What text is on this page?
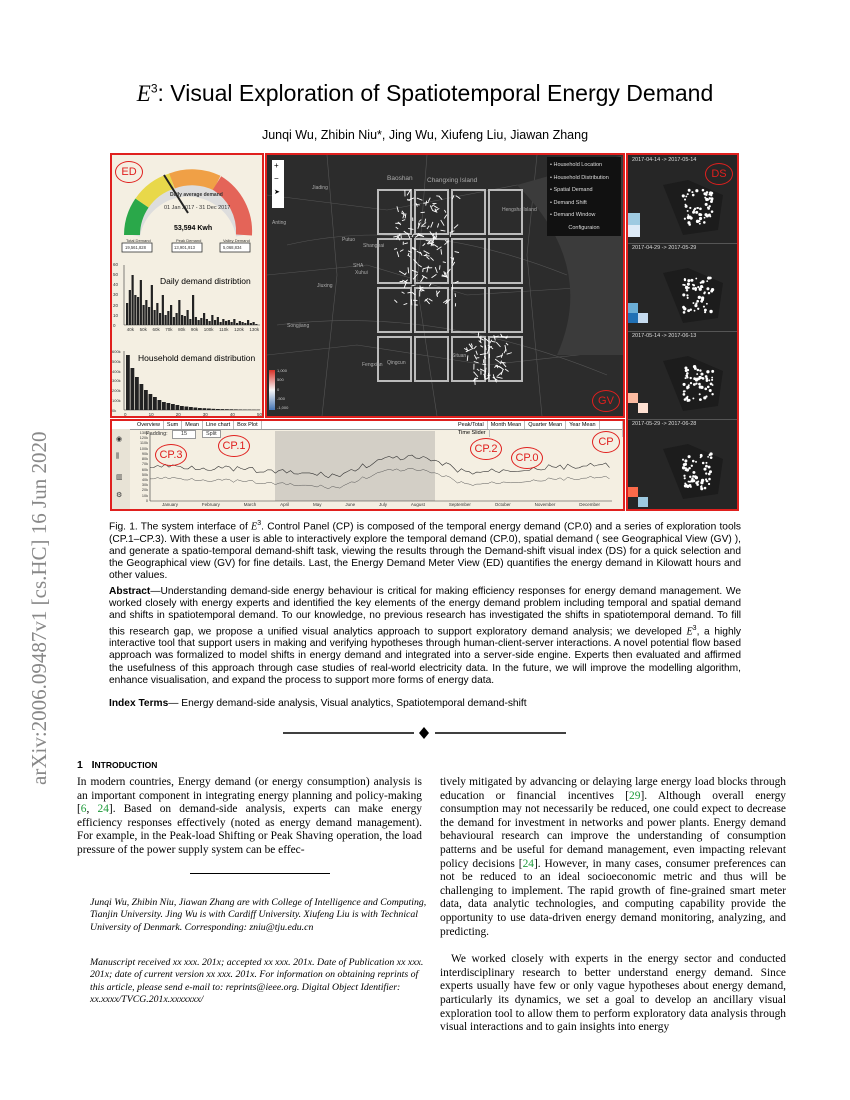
arXiv:2006.09487v1 [cs.HC] 16 Jun 2020
$E^3$: Visual Exploration of Spatiotemporal Energy Demand
Junqi Wu, Zhibin Niu*, Jing Wu, Xiufeng Liu, Jiawan Zhang
ED
Daily average demand
01 Jan 2017 - 31 Dec 2017
53,594 Kwh
Total Demand
19,561,828
Peak Demand
13,901,913
Valley Demand
5,068,834
Daily demand distribtion
40k 50k 60k 70k 80k 90k 100k 110k 120k 130k
60
50
40
30
20
10
0
Household demand distribution
0	10	20	30	40	50
600k
500k
400k
300k
200k
100k
0k
+
−
➤
Baoshan Changxing Island
Hengsha Island
Jiading
Putuo
Shanghai
Xuhui
SHA
Jiuxing
Songjiang
Fengxian Qingcun
Situan
Anting
• Household Location
• Household Distribution
• Spatial Demand
• Demand Shift
• Demand Window
Configuraion
1,000
500
0
-500
-1,000
GV
2017-04-14 -> 2017-05-14
2017-04-29 -> 2017-05-29
2017-05-14 -> 2017-06-13
2017-05-29 -> 2017-06-28
DS
Overview Sum Mean Line chart Box Plot	Peak/Total Month Mean Quarter Mean Year MeanTime Slider
Padding:	15	Split
◉
⫼
▥
⚙
130k
120k
110k
100k
90k
80k
70k
60k
50k
40k
30k
20k
10k
0
January	February	March	April	May	June	July	August	September	October	November	December
CP.3
CP.1	CP.2
CP.0
CP
Fig. 1. The system interface of $E^3$. Control Panel (CP) is composed of the temporal energy demand (CP.0) and a series of exploration tools (CP.1–CP.3). With these a user is able to interactively explore the temporal demand (CP.0), spatial demand ( see Geographical View (GV) ), and generate a spatio-temporal demand-shift task, viewing the results through the Demand-shift visual index (DS) for a quick selection and the Geographical view (GV) for fine details. Last, the Energy Demand Meter View (ED) quantifies the energy demand in Kilowatt hours and other values.
Abstract—Understanding demand-side energy behaviour is critical for making efficiency responses for energy demand management. We worked closely with energy experts and identified the key elements of the energy demand problem including temporal and spatial demand and shifts in spatiotemporal demand. To our knowledge, no previous research has investigated the shifts in spatiotemporal demand. To fill this research gap, we propose a unified visual analytics approach to support exploratory demand analysis; we developed $E^3$, a highly interactive tool that support users in making and verifying hypotheses through human-client-server interactions. A novel potential flow based approach was formalized to model shifts in energy demand and integrated into a server-side engine. Experts then evaluated and affirmed the usefulness of this approach through case studies of real-world electricity data. In the future, we will improve the modelling algorithm, enhance visualisation, and expand the process to support more forms of energy data.
Index Terms— Energy demand-side analysis, Visual analytics, Spatiotemporal demand-shift
1 INTRODUCTION
In modern countries, Energy demand (or energy consumption) analysis is an important component in integrating energy planning and policy-making [6, 24]. Based on demand-side analysis, experts can make energy efficiency responses effectively (noted as energy demand management). For example, in the Peak-load Shifting or Peak Shaving operation, the load pressure of the power supply system can be effec-
Junqi Wu, Zhibin Niu, Jiawan Zhang are with College of Intelligence and Computing, Tianjin University. Jing Wu is with Cardiff University. Xiufeng Liu is with Technical University of Denmark. Corresponding: zniu@tju.edu.cn
Manuscript received xx xxx. 201x; accepted xx xxx. 201x. Date of Publication xx xxx. 201x; date of current version xx xxx. 201x. For information on obtaining reprints of this article, please send e-mail to: reprints@ieee.org. Digital Object Identifier: xx.xxxx/TVCG.201x.xxxxxxx/
tively mitigated by advancing or delaying large energy load blocks through education or financial incentives [29]. Although overall energy consumption may not necessarily be reduced, one could expect to decrease the demand for investment in networks and power plants. Energy demand behavioural research can improve the understanding of consumption patterns and be useful for demand management, even impacting relevant policy decisions [24]. However, in many cases, consumer preferences can not be reduced to an ideal socioeconomic metric and thus will be challenging to implement. The rapid growth of fine-grained smart meter data, data analytic technologies, and computing capability provide the opportunity to use data-driven energy demand monitoring, analyzing, and predicting.
We worked closely with experts in the energy sector and conducted interdisciplinary research to better understand energy demand. Since experts usually have few or only vague hypotheses about energy demand, particularly its dynamics, we set a goal to develop an ancillary visual exploration tool to allow them to perform exploratory data analysis through visual interactions and to gain insights into energy
